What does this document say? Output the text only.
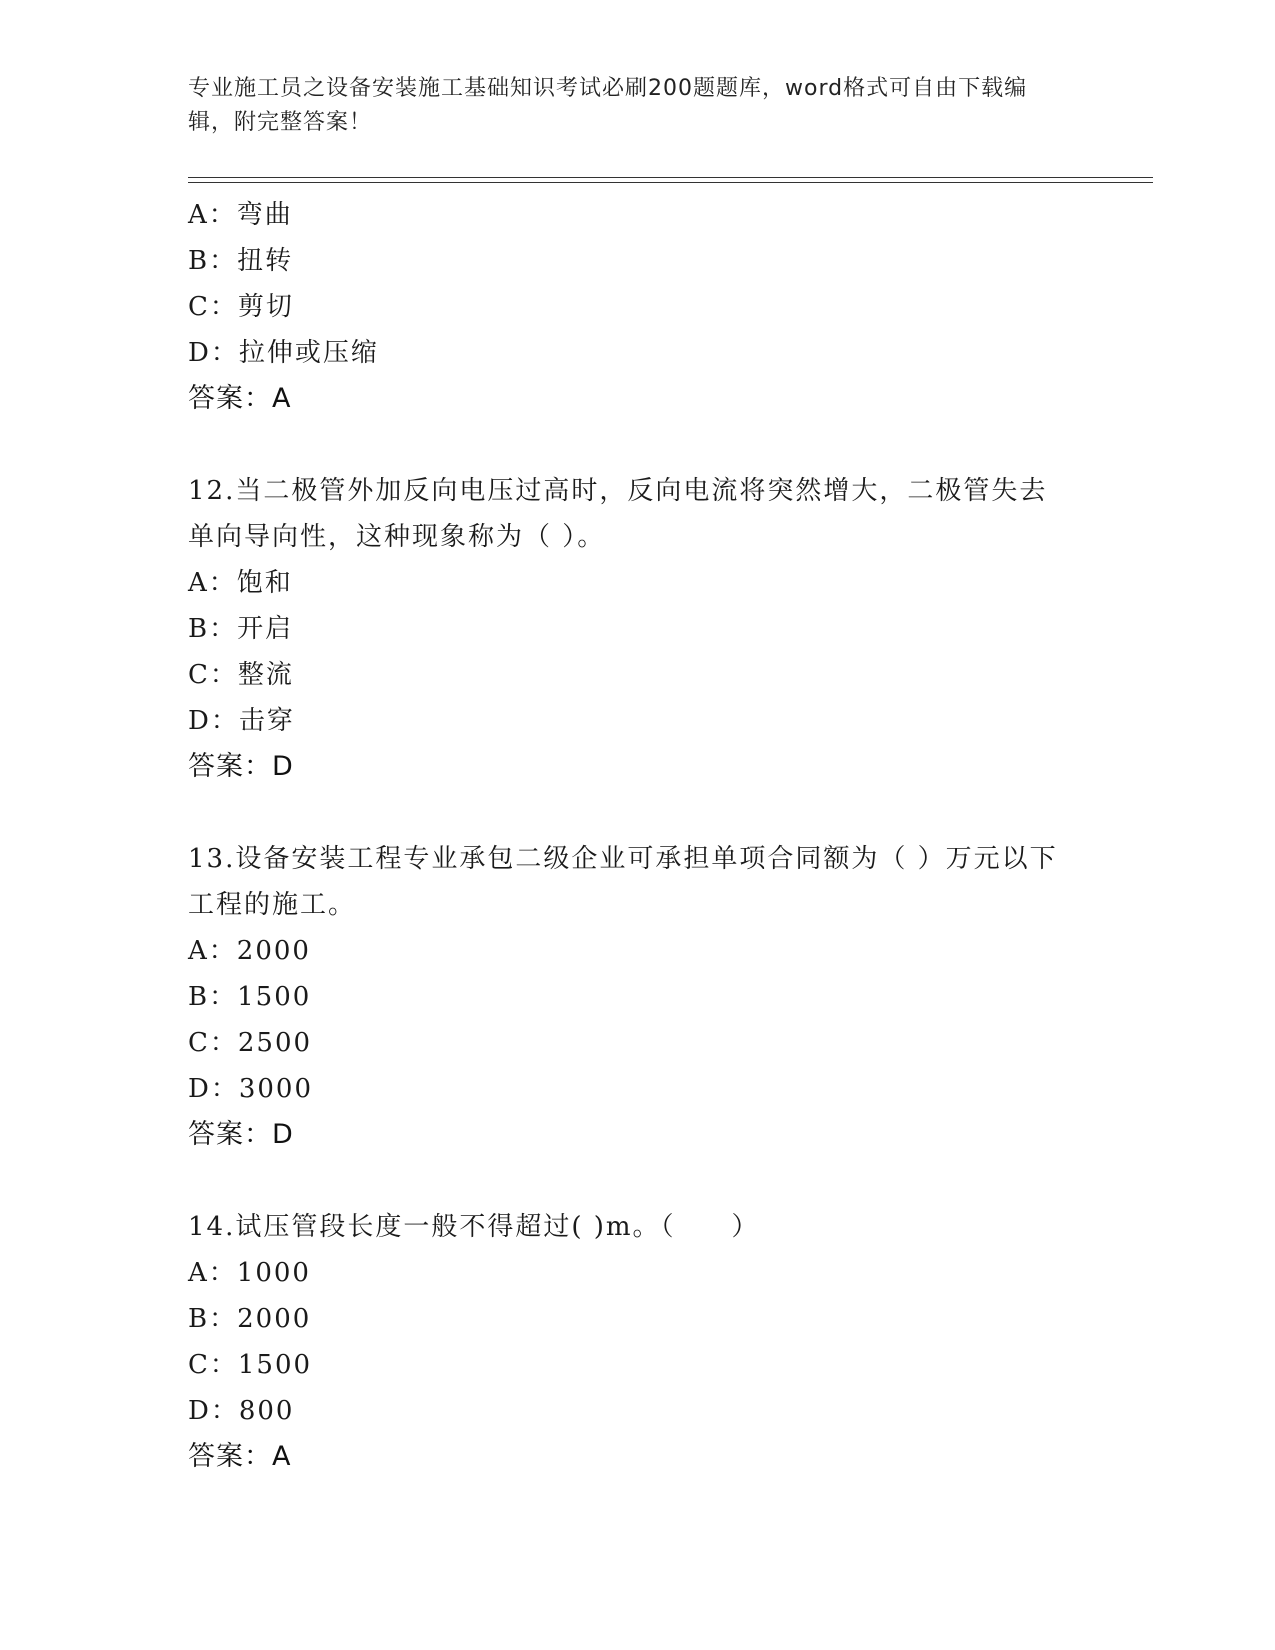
专业施工员之设备安装施工基础知识考试必刷200题题库，word格式可自由下载编辑，附完整答案！
A：弯曲
B：扭转
C：剪切
D：拉伸或压缩
答案：A
12.当二极管外加反向电压过高时，反向电流将突然增大，二极管失去单向导向性，这种现象称为（ ）。
A：饱和
B：开启
C：整流
D：击穿
答案：D
13.设备安装工程专业承包二级企业可承担单项合同额为（ ）万元以下工程的施工。
A：2000
B：1500
C：2500
D：3000
答案：D
14.试压管段长度一般不得超过( )m。（　　）
A：1000
B：2000
C：1500
D：800
答案：A
